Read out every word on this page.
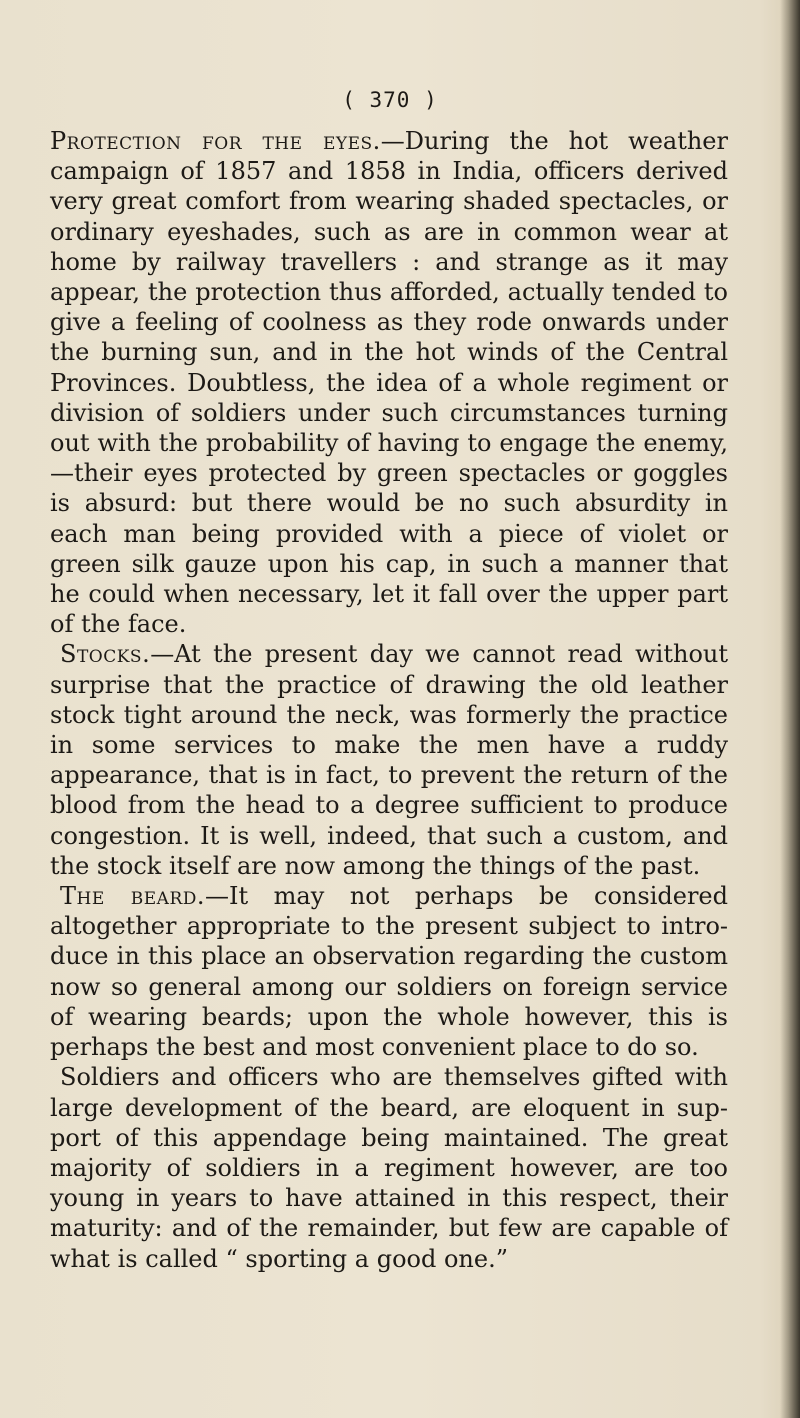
( 370 )

Protection for the eyes.—During the hot weather campaign of 1857 and 1858 in India, officers derived very great comfort from wearing shaded spectacles, or ordinary eyeshades, such as are in common wear at home by railway travellers : and strange as it may appear, the protection thus afforded, actually tended to give a feeling of coolness as they rode onwards under the burning sun, and in the hot winds of the Central Provinces. Doubtless, the idea of a whole regiment or division of soldiers under such circumstances turning out with the probability of having to engage the enemy,—their eyes protected by green spectacles or goggles is absurd: but there would be no such absurdity in each man being provided with a piece of violet or green silk gauze upon his cap, in such a manner that he could when necessary, let it fall over the upper part of the face.

Stocks.—At the present day we cannot read without surprise that the practice of drawing the old leather stock tight around the neck, was formerly the practice in some services to make the men have a ruddy appearance, that is in fact, to prevent the return of the blood from the head to a degree sufficient to produce congestion. It is well, indeed, that such a custom, and the stock itself are now among the things of the past.

The beard.—It may not perhaps be considered altogether appropriate to the present subject to introduce in this place an observation regarding the custom now so general among our soldiers on foreign service of wearing beards; upon the whole however, this is perhaps the best and most convenient place to do so.

Soldiers and officers who are themselves gifted with large development of the beard, are eloquent in support of this appendage being maintained. The great majority of soldiers in a regiment however, are too young in years to have attained in this respect, their maturity: and of the remainder, but few are capable of what is called “ sporting a good one.”
